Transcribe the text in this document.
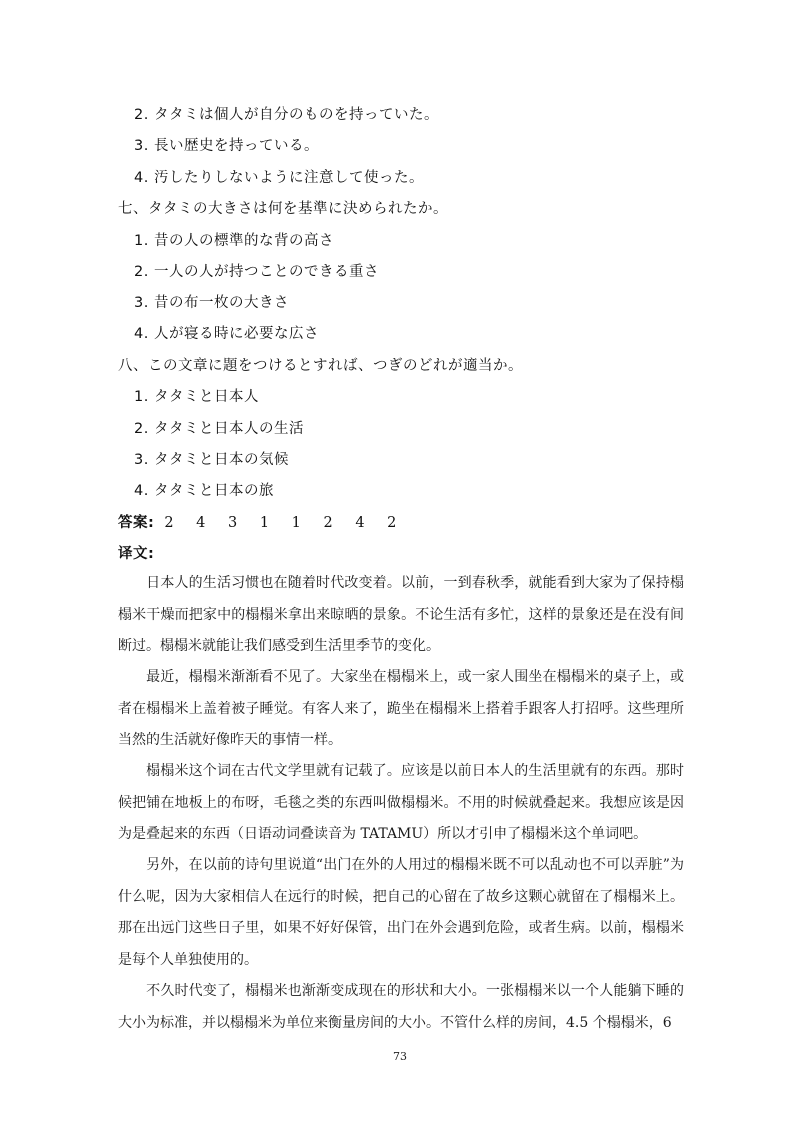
2. タタミは個人が自分のものを持っていた。
3. 長い歴史を持っている。
4. 汚したりしないように注意して使った。
七、タタミの大きさは何を基準に決められたか。
1. 昔の人の標準的な背の高さ
2. 一人の人が持つことのできる重さ
3. 昔の布一枚の大きさ
4. 人が寝る時に必要な広さ
八、この文章に題をつけるとすれば、つぎのどれが適当か。
1. タタミと日本人
2. タタミと日本人の生活
3. タタミと日本の気候
4. タタミと日本の旅
答案: 2 4 3 1 1 2 4 2
译文:
日本人的生活习惯也在随着时代改变着。以前，一到春秋季，就能看到大家为了保持榻榻米干燥而把家中的榻榻米拿出来晾晒的景象。不论生活有多忙，这样的景象还是在没有间断过。榻榻米就能让我们感受到生活里季节的变化。
最近，榻榻米渐渐看不见了。大家坐在榻榻米上，或一家人围坐在榻榻米的桌子上，或者在榻榻米上盖着被子睡觉。有客人来了，跪坐在榻榻米上搭着手跟客人打招呼。这些理所当然的生活就好像昨天的事情一样。
榻榻米这个词在古代文学里就有记载了。应该是以前日本人的生活里就有的东西。那时候把铺在地板上的布呀，毛毯之类的东西叫做榻榻米。不用的时候就叠起来。我想应该是因为是叠起来的东西（日语动词叠读音为 TATAMU）所以才引申了榻榻米这个单词吧。
另外，在以前的诗句里说道“出门在外的人用过的榻榻米既不可以乱动也不可以弄脏”为什么呢，因为大家相信人在远行的时候，把自己的心留在了故乡这颗心就留在了榻榻米上。那在出远门这些日子里，如果不好好保管，出门在外会遇到危险，或者生病。以前，榻榻米是每个人单独使用的。
不久时代变了，榻榻米也渐渐变成现在的形状和大小。一张榻榻米以一个人能躺下睡的大小为标准，并以榻榻米为单位来衡量房间的大小。不管什么样的房间，4.5 个榻榻米，6
73
